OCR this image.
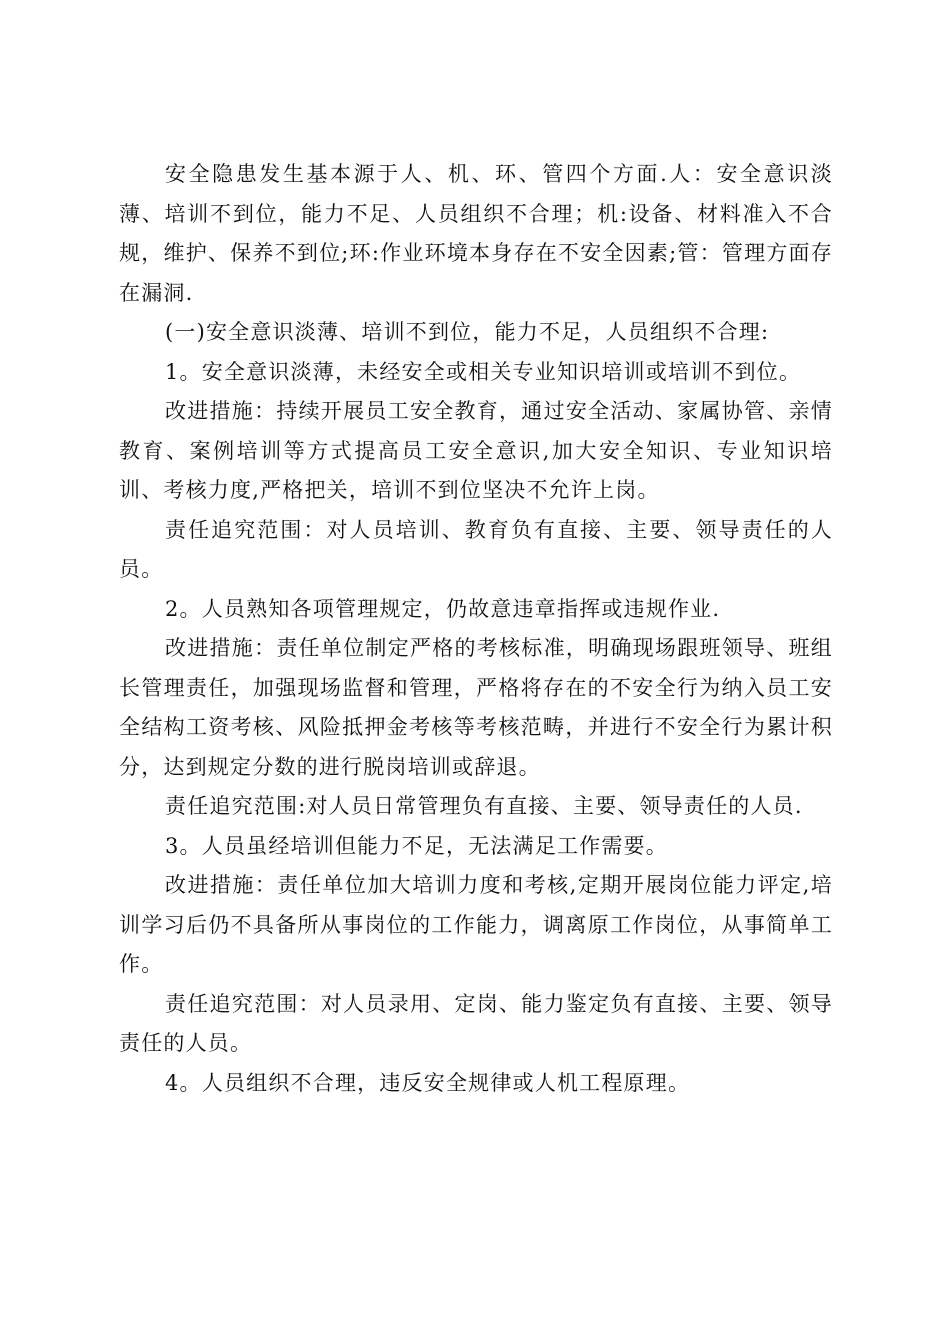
安全隐患发生基本源于人、机、环、管四个方面.人：安全意识淡薄、培训不到位，能力不足、人员组织不合理；机:设备、材料准入不合规，维护、保养不到位;环:作业环境本身存在不安全因素;管：管理方面存在漏洞.

(一)安全意识淡薄、培训不到位，能力不足，人员组织不合理:

1。安全意识淡薄，未经安全或相关专业知识培训或培训不到位。

改进措施：持续开展员工安全教育，通过安全活动、家属协管、亲情教育、案例培训等方式提高员工安全意识,加大安全知识、专业知识培训、考核力度,严格把关，培训不到位坚决不允许上岗。

责任追究范围：对人员培训、教育负有直接、主要、领导责任的人员。

2。人员熟知各项管理规定，仍故意违章指挥或违规作业.

改进措施：责任单位制定严格的考核标准，明确现场跟班领导、班组长管理责任，加强现场监督和管理，严格将存在的不安全行为纳入员工安全结构工资考核、风险抵押金考核等考核范畴，并进行不安全行为累计积分，达到规定分数的进行脱岗培训或辞退。

责任追究范围:对人员日常管理负有直接、主要、领导责任的人员.

3。人员虽经培训但能力不足，无法满足工作需要。

改进措施：责任单位加大培训力度和考核,定期开展岗位能力评定,培训学习后仍不具备所从事岗位的工作能力，调离原工作岗位，从事简单工作。

责任追究范围：对人员录用、定岗、能力鉴定负有直接、主要、领导责任的人员。

4。人员组织不合理，违反安全规律或人机工程原理。
